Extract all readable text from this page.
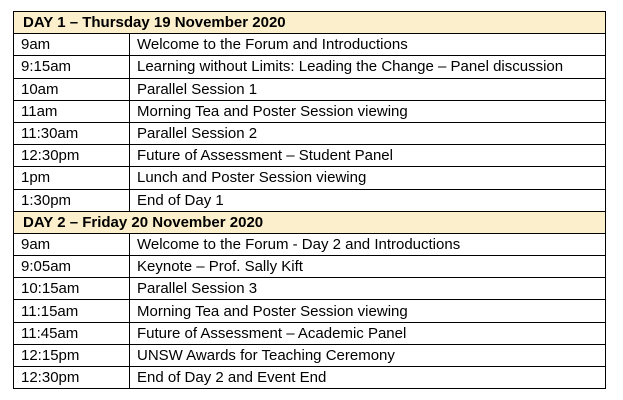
DAY 1 – Thursday 19 November 2020	
9am	Welcome to the Forum and Introductions
9:15am	Learning without Limits: Leading the Change – Panel discussion
10am	Parallel Session 1
11am	Morning Tea and Poster Session viewing
11:30am	Parallel Session 2
12:30pm	Future of Assessment – Student Panel
1pm	Lunch and Poster Session viewing
1:30pm	End of Day 1
DAY 2 – Friday 20 November 2020	
9am	Welcome to the Forum - Day 2 and Introductions
9:05am	Keynote – Prof. Sally Kift
10:15am	Parallel Session 3
11:15am	Morning Tea and Poster Session viewing
11:45am	Future of Assessment – Academic Panel
12:15pm	UNSW Awards for Teaching Ceremony
12:30pm	End of Day 2 and Event End
